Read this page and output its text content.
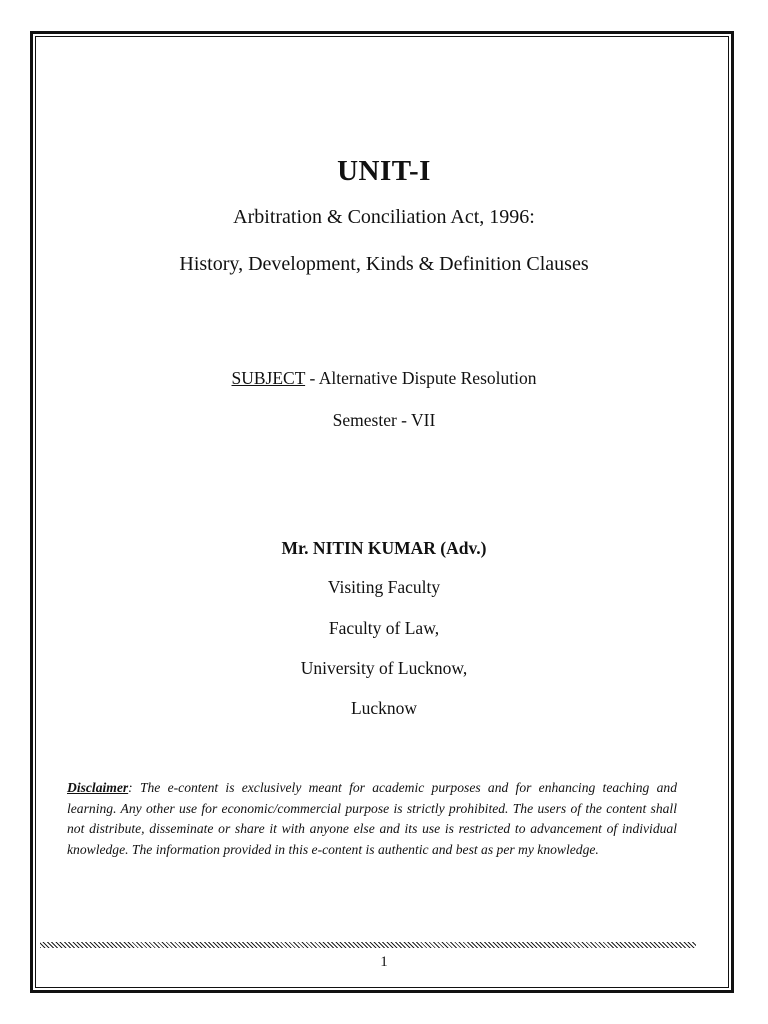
UNIT-I
Arbitration & Conciliation Act, 1996:
History, Development, Kinds & Definition Clauses
SUBJECT - Alternative Dispute Resolution
Semester - VII
Mr. NITIN KUMAR (Adv.)
Visiting Faculty
Faculty of Law,
University of Lucknow,
Lucknow
Disclaimer: The e-content is exclusively meant for academic purposes and for enhancing teaching and learning. Any other use for economic/commercial purpose is strictly prohibited. The users of the content shall not distribute, disseminate or share it with anyone else and its use is restricted to advancement of individual knowledge. The information provided in this e-content is authentic and best as per my knowledge.
1
